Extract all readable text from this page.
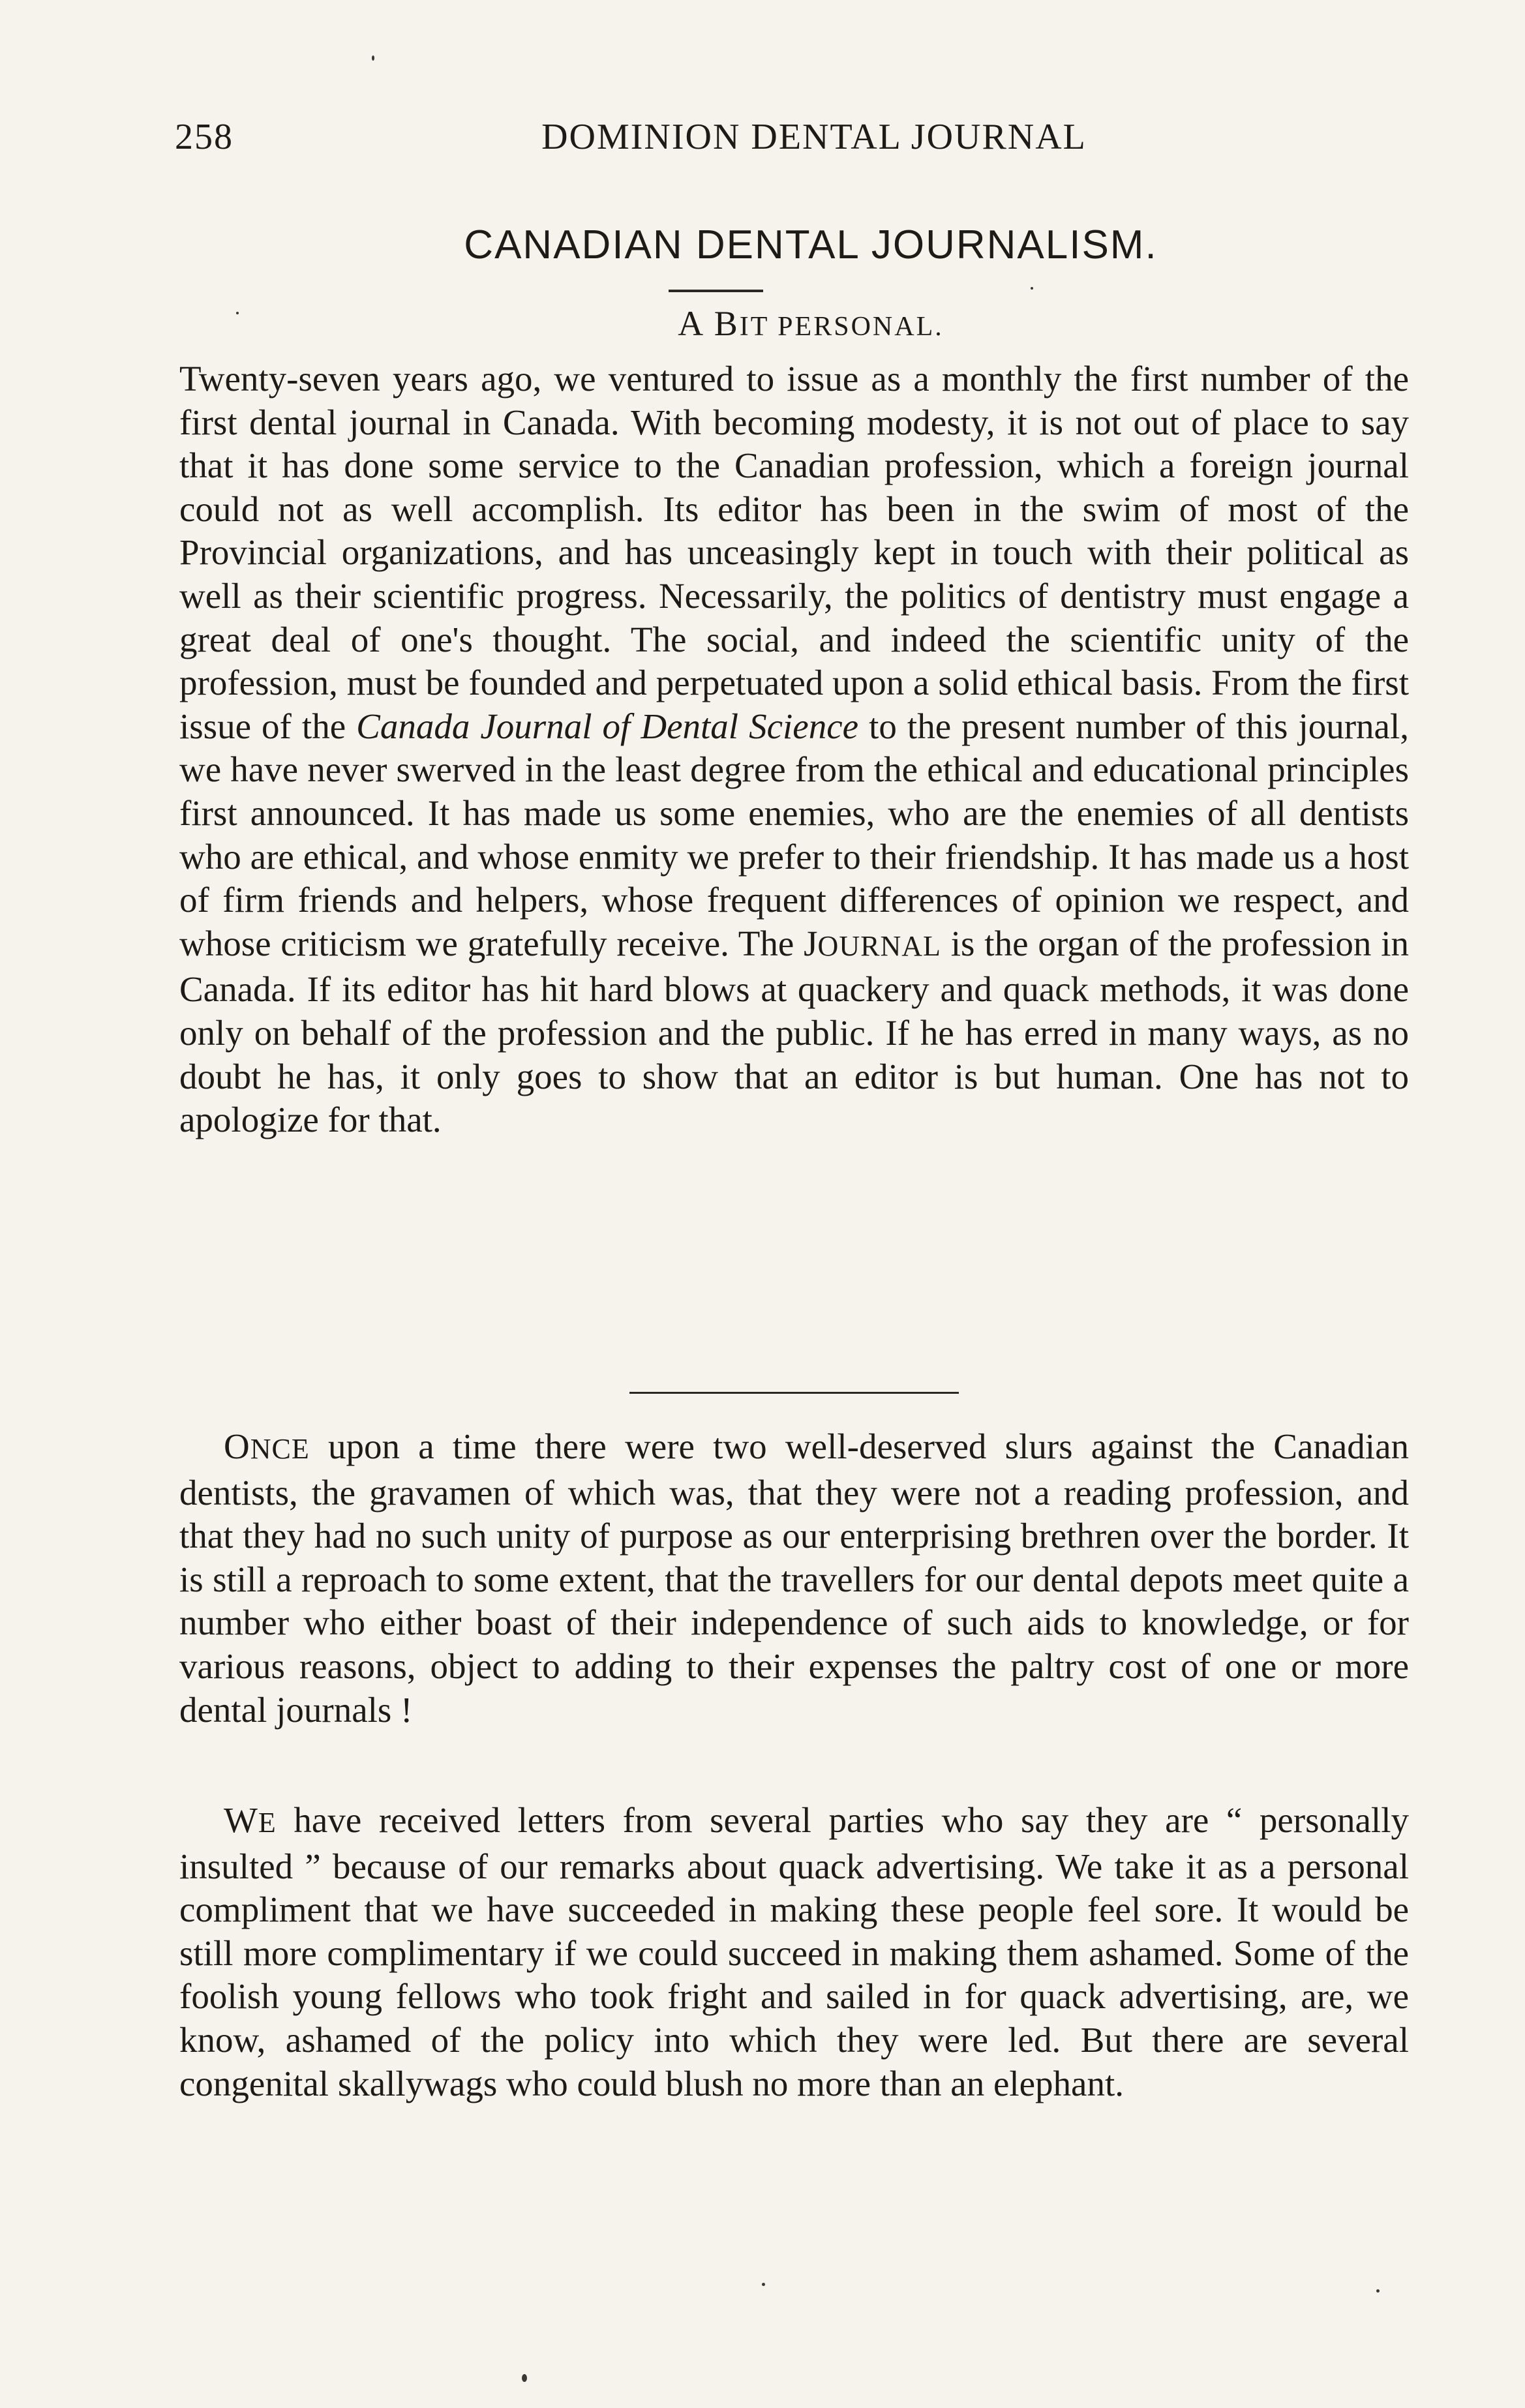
258	DOMINION DENTAL JOURNAL
CANADIAN DENTAL JOURNALISM.
A BIT PERSONAL.

Twenty-seven years ago, we ventured to issue as a monthly the first number of the first dental journal in Canada. With becoming modesty, it is not out of place to say that it has done some service to the Canadian profession, which a foreign journal could not as well accomplish. Its editor has been in the swim of most of the Provincial organizations, and has unceasingly kept in touch with their political as well as their scientific progress. Necessarily, the politics of dentistry must engage a great deal of one's thought. The social, and indeed the scientific unity of the profession, must be founded and perpetuated upon a solid ethical basis. From the first issue of the Canada Journal of Dental Science to the present number of this journal, we have never swerved in the least degree from the ethical and educational principles first announced. It has made us some enemies, who are the enemies of all dentists who are ethical, and whose enmity we prefer to their friendship. It has made us a host of firm friends and helpers, whose frequent differences of opinion we respect, and whose criticism we gratefully receive. The JOURNAL is the organ of the profession in Canada. If its editor has hit hard blows at quackery and quack methods, it was done only on behalf of the profession and the public. If he has erred in many ways, as no doubt he has, it only goes to show that an editor is but human. One has not to apologize for that.

ONCE upon a time there were two well-deserved slurs against the Canadian dentists, the gravamen of which was, that they were not a reading profession, and that they had no such unity of purpose as our enterprising brethren over the border. It is still a reproach to some extent, that the travellers for our dental depots meet quite a number who either boast of their independence of such aids to knowledge, or for various reasons, object to adding to their expenses the paltry cost of one or more dental journals !

WE have received letters from several parties who say they are “ personally insulted ” because of our remarks about quack advertising. We take it as a personal compliment that we have succeeded in making these people feel sore. It would be still more complimentary if we could succeed in making them ashamed. Some of the foolish young fellows who took fright and sailed in for quack advertising, are, we know, ashamed of the policy into which they were led. But there are several congenital skallywags who could blush no more than an elephant.
